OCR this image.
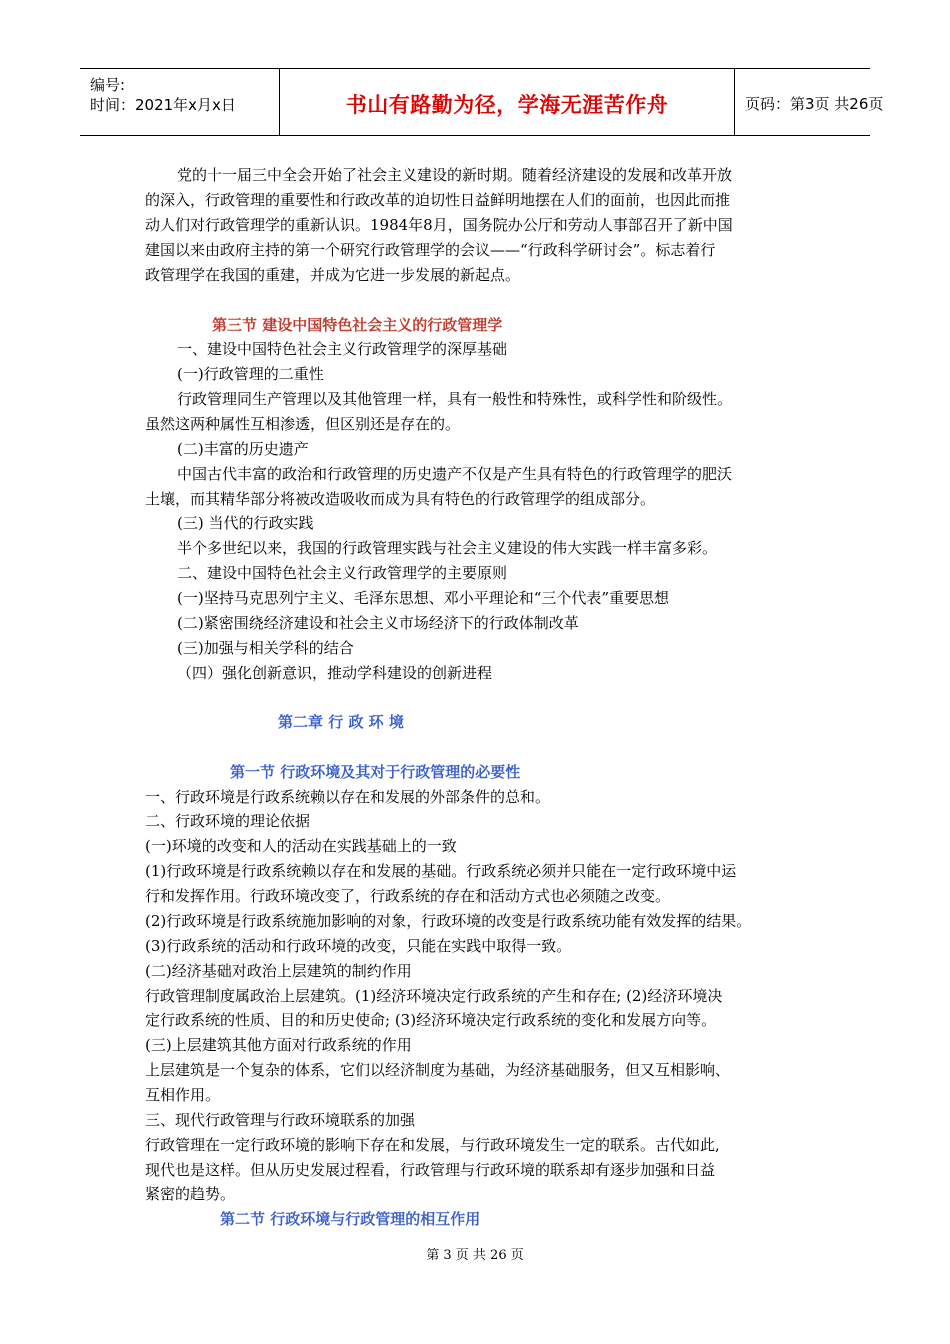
编号:
时间：2021年x月x日	书山有路勤为径，学海无涯苦作舟	页码：第3页 共26页
党的十一届三中全会开始了社会主义建设的新时期。随着经济建设的发展和改革开放
的深入，行政管理的重要性和行政改革的迫切性日益鲜明地摆在人们的面前，也因此而推
动人们对行政管理学的重新认识。1984年8月，国务院办公厅和劳动人事部召开了新中国
建国以来由政府主持的第一个研究行政管理学的会议——“行政科学研讨会”。标志着行
政管理学在我国的重建，并成为它进一步发展的新起点。
第三节 建设中国特色社会主义的行政管理学
一、建设中国特色社会主义行政管理学的深厚基础
(一)行政管理的二重性
行政管理同生产管理以及其他管理一样，具有一般性和特殊性，或科学性和阶级性。
虽然这两种属性互相渗透，但区别还是存在的。
(二)丰富的历史遗产
中国古代丰富的政治和行政管理的历史遗产不仅是产生具有特色的行政管理学的肥沃
土壤，而其精华部分将被改造吸收而成为具有特色的行政管理学的组成部分。
(三) 当代的行政实践
半个多世纪以来，我国的行政管理实践与社会主义建设的伟大实践一样丰富多彩。
二、建设中国特色社会主义行政管理学的主要原则
(一)坚持马克思列宁主义、毛泽东思想、邓小平理论和“三个代表”重要思想
(二)紧密围绕经济建设和社会主义市场经济下的行政体制改革
(三)加强与相关学科的结合
（四）强化创新意识，推动学科建设的创新进程
第二章 行 政 环 境
第一节 行政环境及其对于行政管理的必要性
一、行政环境是行政系统赖以存在和发展的外部条件的总和。
二、行政环境的理论依据
(一)环境的改变和人的活动在实践基础上的一致
(1)行政环境是行政系统赖以存在和发展的基础。行政系统必须并只能在一定行政环境中运
行和发挥作用。行政环境改变了，行政系统的存在和活动方式也必须随之改变。
(2)行政环境是行政系统施加影响的对象，行政环境的改变是行政系统功能有效发挥的结果。
(3)行政系统的活动和行政环境的改变，只能在实践中取得一致。
(二)经济基础对政治上层建筑的制约作用
行政管理制度属政治上层建筑。(1)经济环境决定行政系统的产生和存在; (2)经济环境决
定行政系统的性质、目的和历史使命; (3)经济环境决定行政系统的变化和发展方向等。
(三)上层建筑其他方面对行政系统的作用
上层建筑是一个复杂的体系，它们以经济制度为基础，为经济基础服务，但又互相影响、
互相作用。
三、现代行政管理与行政环境联系的加强
行政管理在一定行政环境的影响下存在和发展，与行政环境发生一定的联系。古代如此,
现代也是这样。但从历史发展过程看，行政管理与行政环境的联系却有逐步加强和日益
紧密的趋势。
第二节 行政环境与行政管理的相互作用
第 3 页 共 26 页
